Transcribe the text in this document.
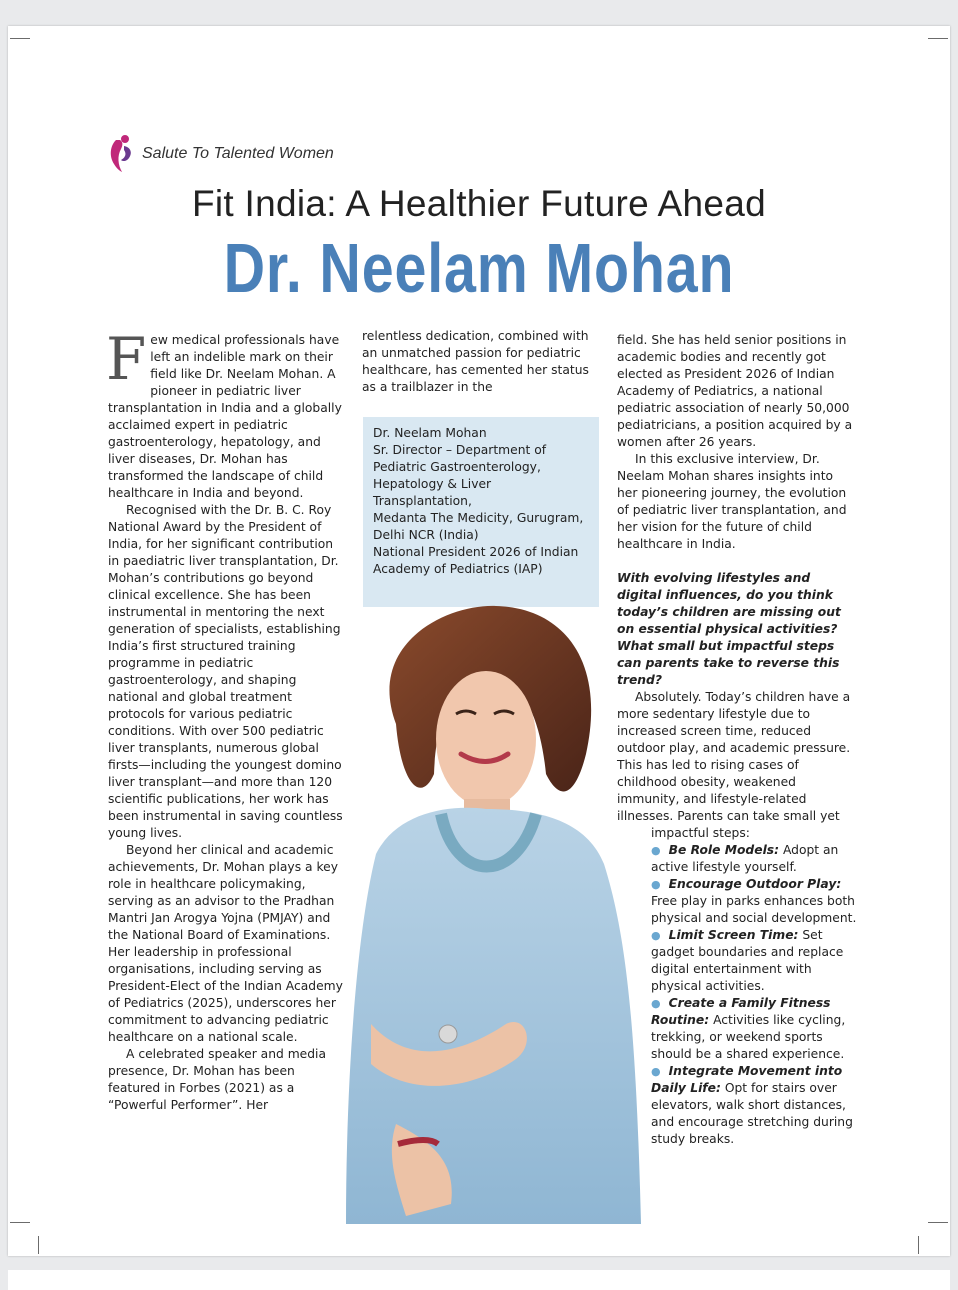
Salute To Talented Women
Fit India: A Healthier Future Ahead
Dr. Neelam Mohan

Few medical professionals have left an indelible mark on their field like Dr. Neelam Mohan. A pioneer in pediatric liver transplantation in India and a globally acclaimed expert in pediatric gastroenterology, hepatology, and liver diseases, Dr. Mohan has transformed the landscape of child healthcare in India and beyond.

Recognised with the Dr. B. C. Roy National Award by the President of India, for her significant contribution in paediatric liver transplantation, Dr. Mohan’s contributions go beyond clinical excellence. She has been instrumental in mentoring the next generation of specialists, establishing India’s first structured training programme in pediatric gastroenterology, and shaping national and global treatment protocols for various pediatric conditions. With over 500 pediatric liver transplants, numerous global firsts—including the youngest domino liver transplant—and more than 120 scientific publications, her work has been instrumental in saving countless young lives.

Beyond her clinical and academic achievements, Dr. Mohan plays a key role in healthcare policymaking, serving as an advisor to the Pradhan Mantri Jan Arogya Yojna (PMJAY) and the National Board of Examinations. Her leadership in professional organisations, including serving as President-Elect of the Indian Academy of Pediatrics (2025), underscores her commitment to advancing pediatric healthcare on a national scale.

A celebrated speaker and media presence, Dr. Mohan has been featured in Forbes (2021) as a “Powerful Performer”. Her

relentless dedication, combined with an unmatched passion for pediatric healthcare, has cemented her status as a trailblazer in the

Dr. Neelam Mohan
Sr. Director – Department of Pediatric Gastroenterology, Hepatology & Liver Transplantation,
Medanta The Medicity, Gurugram, Delhi NCR (India)
National President 2026 of Indian Academy of Pediatrics (IAP)

field. She has held senior positions in academic bodies and recently got elected as President 2026 of Indian Academy of Pediatrics, a national pediatric association of nearly 50,000 pediatricians, a position acquired by a women after 26 years.

In this exclusive interview, Dr. Neelam Mohan shares insights into her pioneering journey, the evolution of pediatric liver transplantation, and her vision for the future of child healthcare in India.

With evolving lifestyles and digital influences, do you think today’s children are missing out on essential physical activities? What small but impactful steps can parents take to reverse this trend?

Absolutely. Today’s children have a more sedentary lifestyle due to increased screen time, reduced outdoor play, and academic pressure. This has led to rising cases of childhood obesity, weakened immunity, and lifestyle-related illnesses. Parents can take small yet

impactful steps:

● Be Role Models: Adopt an active lifestyle yourself.
● Encourage Outdoor Play: Free play in parks enhances both physical and social development.
● Limit Screen Time: Set gadget boundaries and replace digital entertainment with physical activities.
● Create a Family Fitness Routine: Activities like cycling, trekking, or weekend sports should be a shared experience.
● Integrate Movement into Daily Life: Opt for stairs over elevators, walk short distances, and encourage stretching during study breaks.
